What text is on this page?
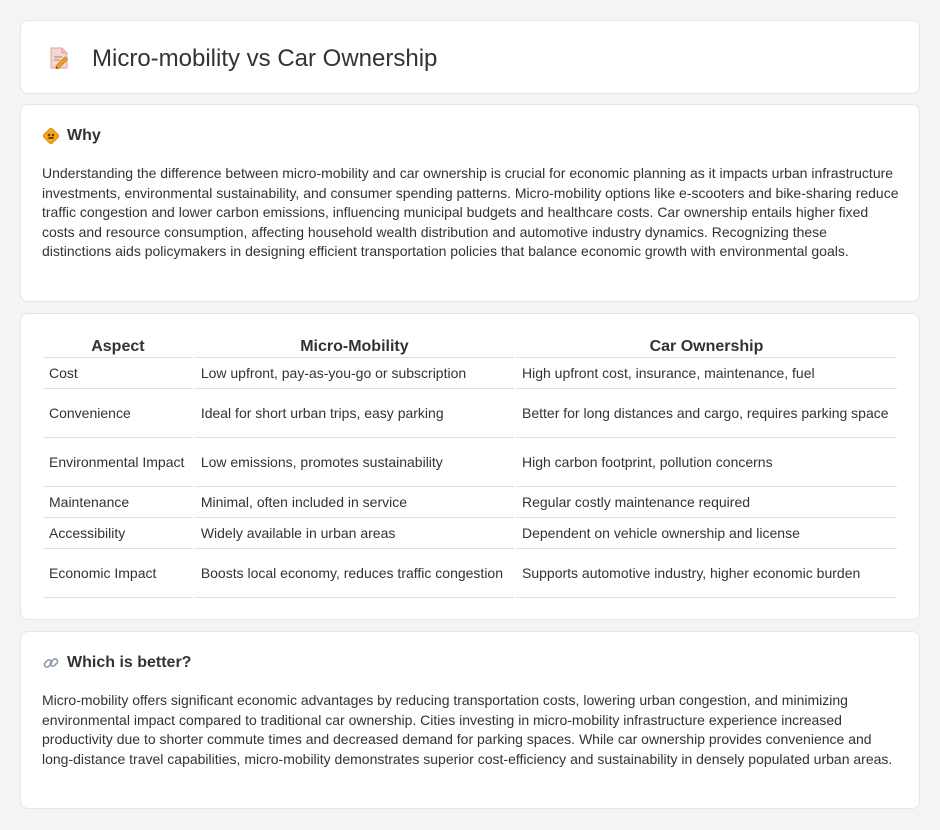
Micro-mobility vs Car Ownership
Why

Understanding the difference between micro-mobility and car ownership is crucial for economic planning as it impacts urban infrastructure investments, environmental sustainability, and consumer spending patterns. Micro-mobility options like e-scooters and bike-sharing reduce traffic congestion and lower carbon emissions, influencing municipal budgets and healthcare costs. Car ownership entails higher fixed costs and resource consumption, affecting household wealth distribution and automotive industry dynamics. Recognizing these distinctions aids policymakers in designing efficient transportation policies that balance economic growth with environmental goals.

Aspect	Micro-Mobility	Car Ownership
Cost	Low upfront, pay-as-you-go or subscription	High upfront cost, insurance, maintenance, fuel
Convenience	Ideal for short urban trips, easy parking	Better for long distances and cargo, requires parking space
Environmental Impact	Low emissions, promotes sustainability	High carbon footprint, pollution concerns
Maintenance	Minimal, often included in service	Regular costly maintenance required
Accessibility	Widely available in urban areas	Dependent on vehicle ownership and license
Economic Impact	Boosts local economy, reduces traffic congestion	Supports automotive industry, higher economic burden
Which is better?

Micro-mobility offers significant economic advantages by reducing transportation costs, lowering urban congestion, and minimizing environmental impact compared to traditional car ownership. Cities investing in micro-mobility infrastructure experience increased productivity due to shorter commute times and decreased demand for parking spaces. While car ownership provides convenience and long-distance travel capabilities, micro-mobility demonstrates superior cost-efficiency and sustainability in densely populated urban areas.
